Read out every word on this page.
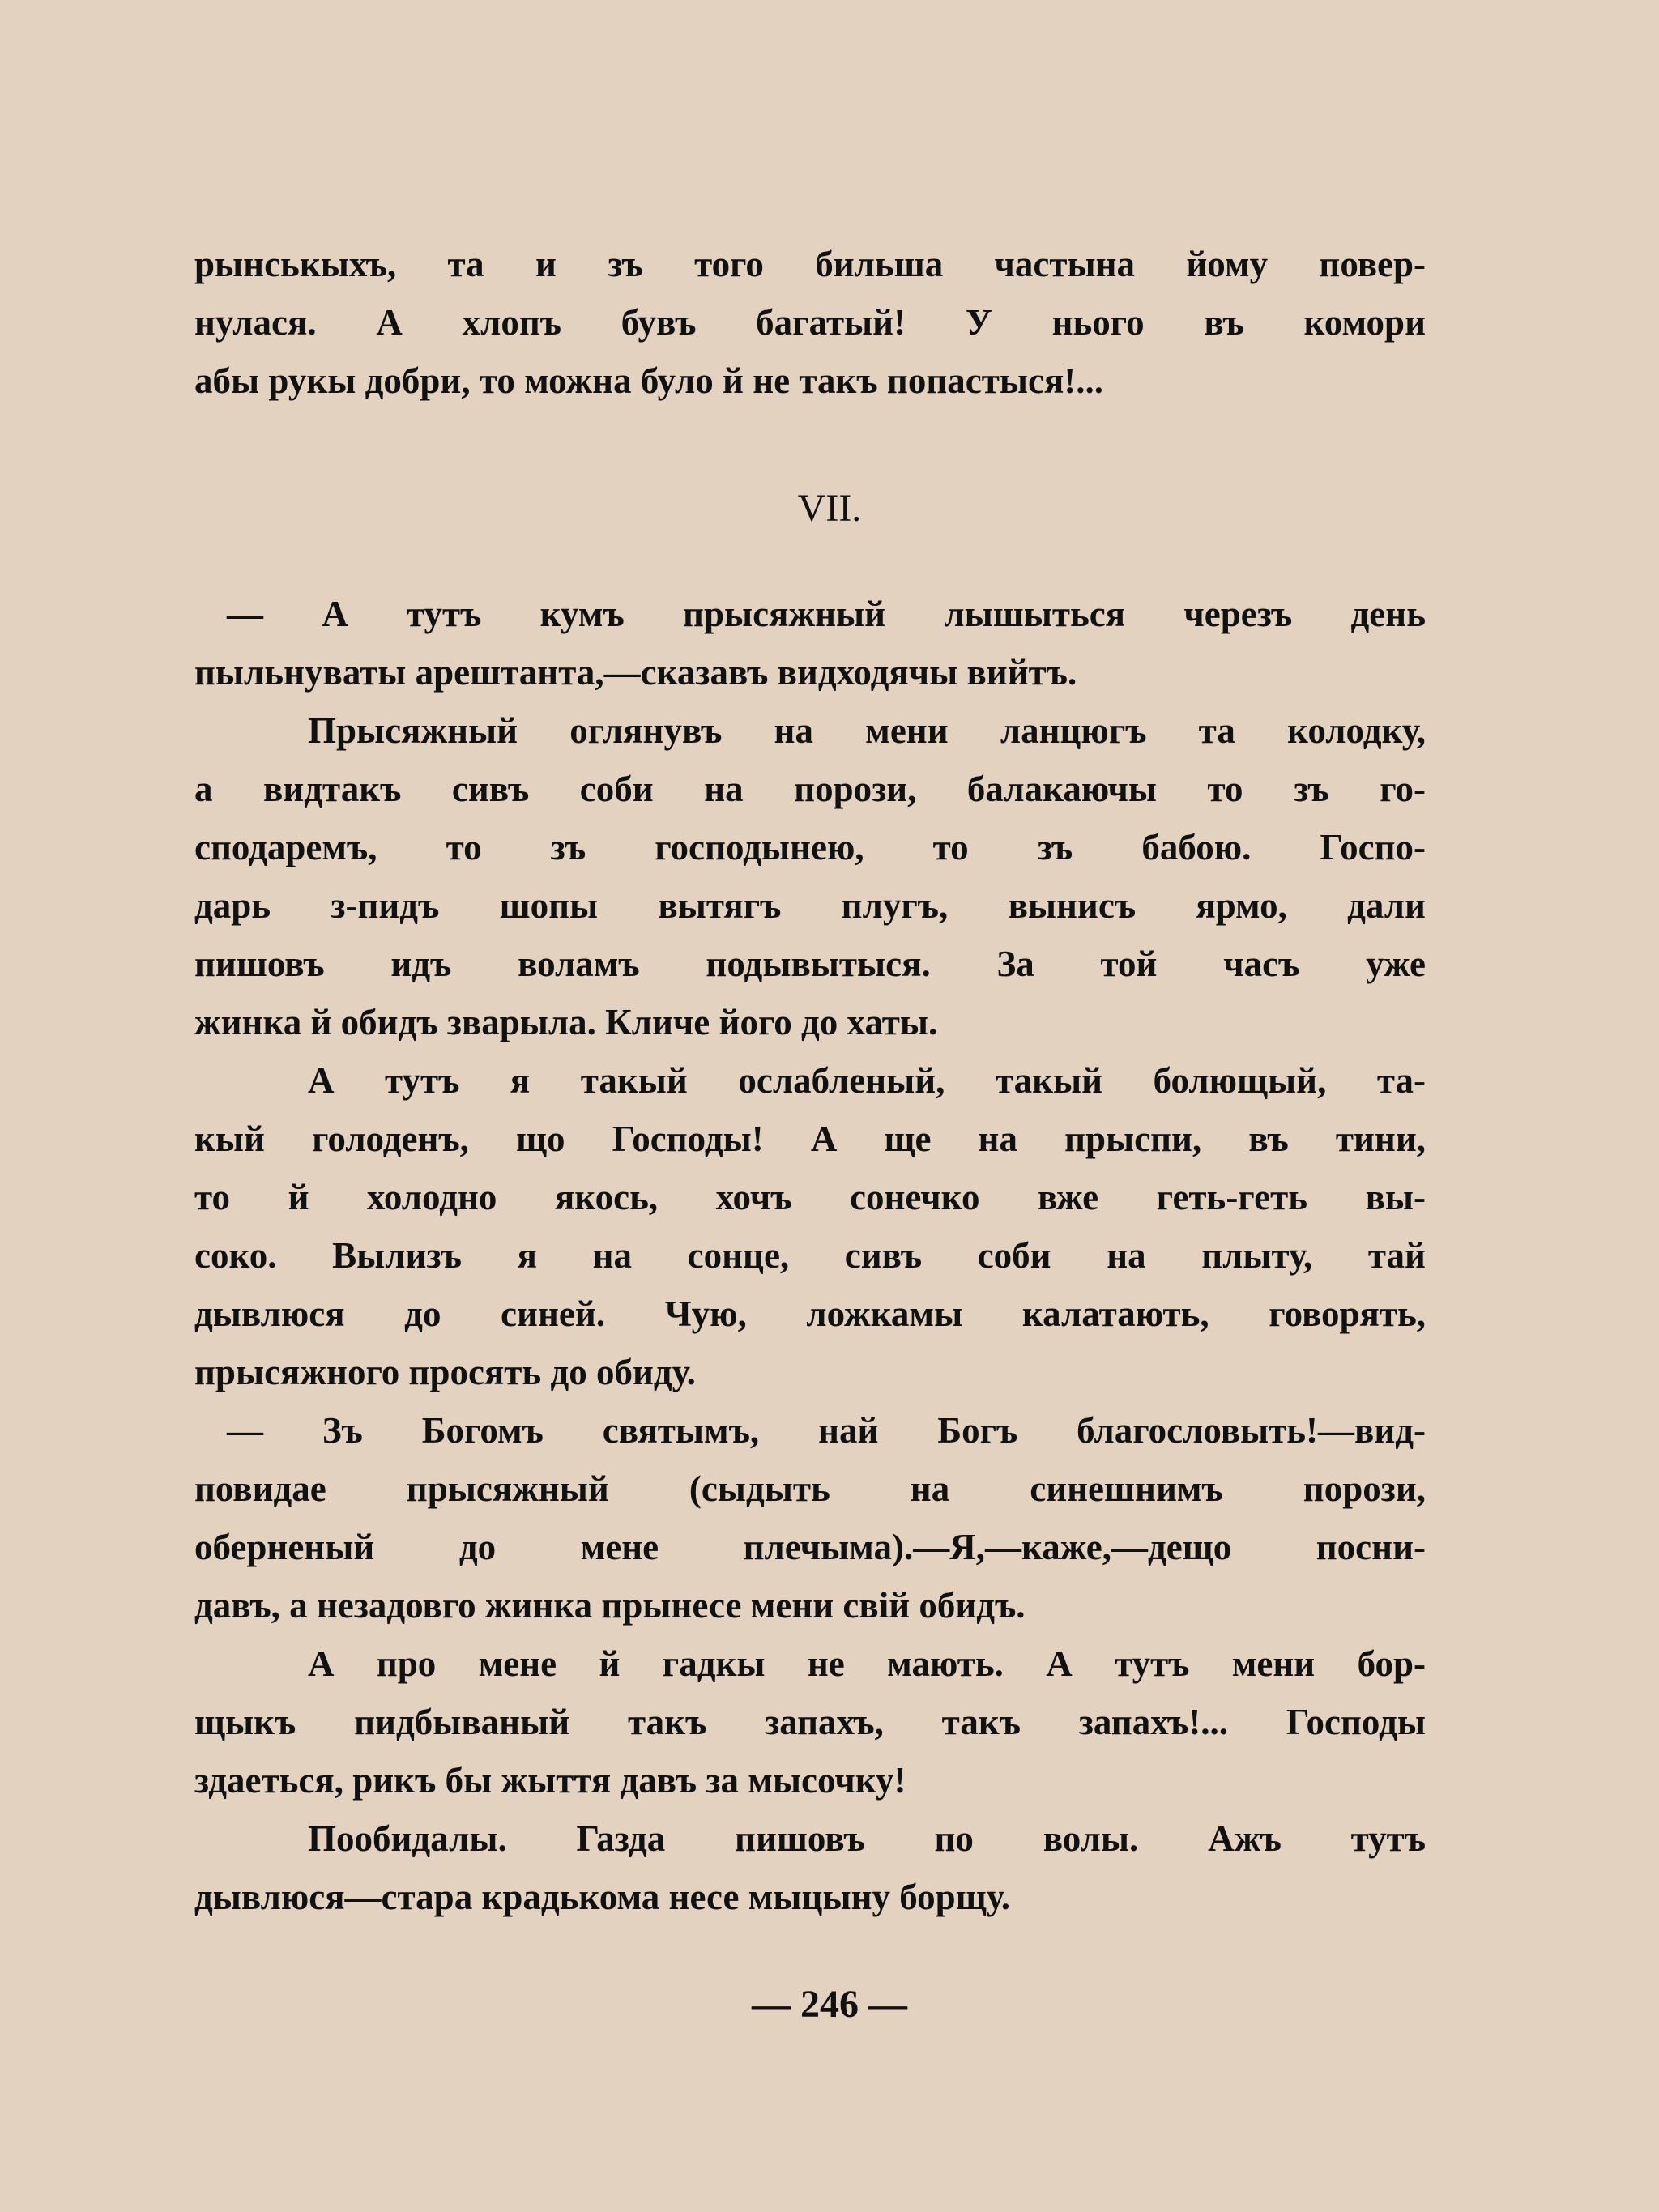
рынськыхъ, та и зъ того бильша частына йому повер-
нулася. А хлопъ бувъ багатый! У нього въ комори
абы рукы добри, то можна було й не такъ попастыся!...
VII.
— А тутъ кумъ прысяжный лышыться черезъ день
пыльнуваты арештанта,—сказавъ видходячы вийтъ.
Прысяжный оглянувъ на мени ланцюгъ та колодку,
а видтакъ сивъ соби на порози, балакаючы то зъ го-
сподаремъ, то зъ господынею, то зъ бабою. Госпо-
дарь з-пидъ шопы вытягъ плугъ, вынисъ ярмо, дали
пишовъ идъ воламъ подывытыся. За той часъ уже
жинка й обидъ зварыла. Кличе його до хаты.
А тутъ я такый ослабленый, такый болющый, та-
кый голоденъ, що Господы! А ще на прыспи, въ тини,
то й холодно якось, хочъ сонечко вже геть-геть вы-
соко. Вылизъ я на сонце, сивъ соби на плыту, тай
дывлюся до синей. Чую, ложкамы калатають, говорять,
прысяжного просять до обиду.
— Зъ Богомъ святымъ, най Богъ благословыть!—вид-
повидае прысяжный (сыдыть на синешнимъ порози,
оберненый до мене плечыма).—Я,—каже,—дещо посни-
давъ, а незадовго жинка прынесе мени свій обидъ.
А про мене й гадкы не мають. А тутъ мени бор-
щыкъ пидбываный такъ запахъ, такъ запахъ!... Господы
здаеться, рикъ бы жыття давъ за мысочку!
Пообидалы. Газда пишовъ по волы. Ажъ тутъ
дывлюся—стара крадькома несе мыцыну борщу.
— 246 —
